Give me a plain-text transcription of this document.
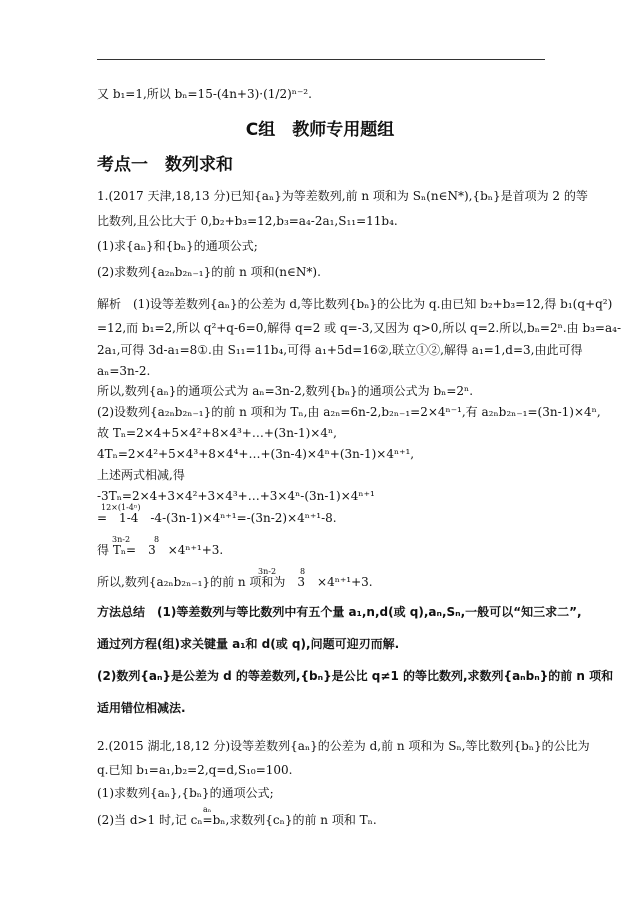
又 b₁=1,所以 bₙ=15-(4n+3)·(1/2)ⁿ⁻².
C组　教师专用题组
考点一　数列求和
1.(2017 天津,18,13 分)已知{aₙ}为等差数列,前 n 项和为 Sₙ(n∈N*),{bₙ}是首项为 2 的等
比数列,且公比大于 0,b₂+b₃=12,b₃=a₄-2a₁,S₁₁=11b₄.
(1)求{aₙ}和{bₙ}的通项公式;
(2)求数列{a₂ₙb₂ₙ₋₁}的前 n 项和(n∈N*).
解析　(1)设等差数列{aₙ}的公差为 d,等比数列{bₙ}的公比为 q.由已知 b₂+b₃=12,得 b₁(q+q²)
=12,而 b₁=2,所以 q²+q-6=0,解得 q=2 或 q=-3,又因为 q>0,所以 q=2.所以,bₙ=2ⁿ.由 b₃=a₄-
2a₁,可得 3d-a₁=8①.由 S₁₁=11b₄,可得 a₁+5d=16②,联立①②,解得 a₁=1,d=3,由此可得
aₙ=3n-2.
所以,数列{aₙ}的通项公式为 aₙ=3n-2,数列{bₙ}的通项公式为 bₙ=2ⁿ.
(2)设数列{a₂ₙb₂ₙ₋₁}的前 n 项和为 Tₙ,由 a₂ₙ=6n-2,b₂ₙ₋₁=2×4ⁿ⁻¹,有 a₂ₙb₂ₙ₋₁=(3n-1)×4ⁿ,
故 Tₙ=2×4+5×4²+8×4³+…+(3n-1)×4ⁿ,
4Tₙ=2×4²+5×4³+8×4⁴+…+(3n-4)×4ⁿ+(3n-1)×4ⁿ⁺¹,
上述两式相减,得
-3Tₙ=2×4+3×4²+3×4³+…+3×4ⁿ-(3n-1)×4ⁿ⁺¹
12×(1-4ⁿ)
=　1-4　-4-(3n-1)×4ⁿ⁺¹=-(3n-2)×4ⁿ⁺¹-8.
3n-2　　　8
得 Tₙ=　3　×4ⁿ⁺¹+3.
3n-2　　　8
所以,数列{a₂ₙb₂ₙ₋₁}的前 n 项和为　3　×4ⁿ⁺¹+3.
方法总结　(1)等差数列与等比数列中有五个量 a₁,n,d(或 q),aₙ,Sₙ,一般可以“知三求二”,
通过列方程(组)求关键量 a₁和 d(或 q),问题可迎刃而解.
(2)数列{aₙ}是公差为 d 的等差数列,{bₙ}是公比 q≠1 的等比数列,求数列{aₙbₙ}的前 n 项和
适用错位相减法.
2.(2015 湖北,18,12 分)设等差数列{aₙ}的公差为 d,前 n 项和为 Sₙ,等比数列{bₙ}的公比为
q.已知 b₁=a₁,b₂=2,q=d,S₁₀=100.
(1)求数列{aₙ},{bₙ}的通项公式;
aₙ
(2)当 d>1 时,记 cₙ=bₙ,求数列{cₙ}的前 n 项和 Tₙ.
